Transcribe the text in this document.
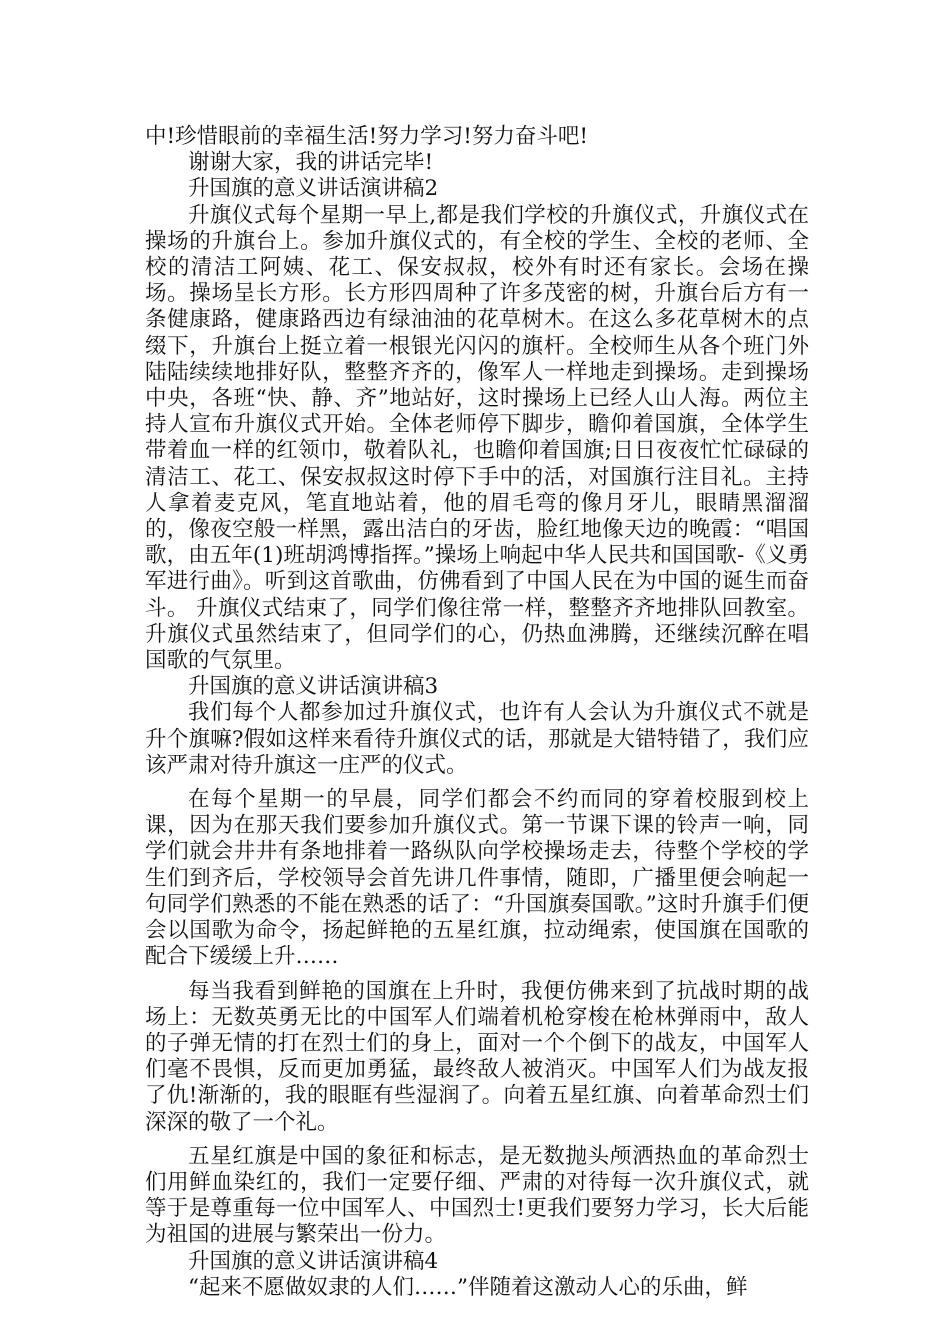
中!珍惜眼前的幸福生活!努力学习!努力奋斗吧!

谢谢大家，我的讲话完毕!

升国旗的意义讲话演讲稿2

升旗仪式每个星期一早上,都是我们学校的升旗仪式，升旗仪式在操场的升旗台上。参加升旗仪式的，有全校的学生、全校的老师、全校的清洁工阿姨、花工、保安叔叔，校外有时还有家长。会场在操场。操场呈长方形。长方形四周种了许多茂密的树，升旗台后方有一条健康路，健康路西边有绿油油的花草树木。在这么多花草树木的点缀下，升旗台上挺立着一根银光闪闪的旗杆。全校师生从各个班门外陆陆续续地排好队，整整齐齐的，像军人一样地走到操场。走到操场中央，各班“快、静、齐”地站好，这时操场上已经人山人海。两位主持人宣布升旗仪式开始。全体老师停下脚步，瞻仰着国旗，全体学生带着血一样的红领巾，敬着队礼，也瞻仰着国旗;日日夜夜忙忙碌碌的清洁工、花工、保安叔叔这时停下手中的活，对国旗行注目礼。主持人拿着麦克风，笔直地站着，他的眉毛弯的像月牙儿，眼睛黑溜溜的，像夜空般一样黑，露出洁白的牙齿，脸红地像天边的晚霞：“唱国歌，由五年(1)班胡鸿博指挥。”操场上响起中华人民共和国国歌-《义勇军进行曲》。听到这首歌曲，仿佛看到了中国人民在为中国的诞生而奋斗。 升旗仪式结束了，同学们像往常一样，整整齐齐地排队回教室。升旗仪式虽然结束了，但同学们的心，仍热血沸腾，还继续沉醉在唱国歌的气氛里。

升国旗的意义讲话演讲稿3

我们每个人都参加过升旗仪式，也许有人会认为升旗仪式不就是升个旗嘛?假如这样来看待升旗仪式的话，那就是大错特错了，我们应该严肃对待升旗这一庄严的仪式。

在每个星期一的早晨，同学们都会不约而同的穿着校服到校上课，因为在那天我们要参加升旗仪式。第一节课下课的铃声一响，同学们就会井井有条地排着一路纵队向学校操场走去，待整个学校的学生们到齐后，学校领导会首先讲几件事情，随即，广播里便会响起一句同学们熟悉的不能在熟悉的话了：“升国旗奏国歌。”这时升旗手们便会以国歌为命令，扬起鲜艳的五星红旗，拉动绳索，使国旗在国歌的配合下缓缓上升……

每当我看到鲜艳的国旗在上升时，我便仿佛来到了抗战时期的战场上：无数英勇无比的中国军人们端着机枪穿梭在枪林弹雨中，敌人的子弹无情的打在烈士们的身上，面对一个个倒下的战友，中国军人们毫不畏惧，反而更加勇猛，最终敌人被消灭。中国军人们为战友报了仇!渐渐的，我的眼眶有些湿润了。向着五星红旗、向着革命烈士们深深的敬了一个礼。

五星红旗是中国的象征和标志，是无数抛头颅洒热血的革命烈士们用鲜血染红的，我们一定要仔细、严肃的对待每一次升旗仪式，就等于是尊重每一位中国军人、中国烈士!更我们要努力学习，长大后能为祖国的进展与繁荣出一份力。

升国旗的意义讲话演讲稿4

“起来不愿做奴隶的人们……”伴随着这激动人心的乐曲，鲜
